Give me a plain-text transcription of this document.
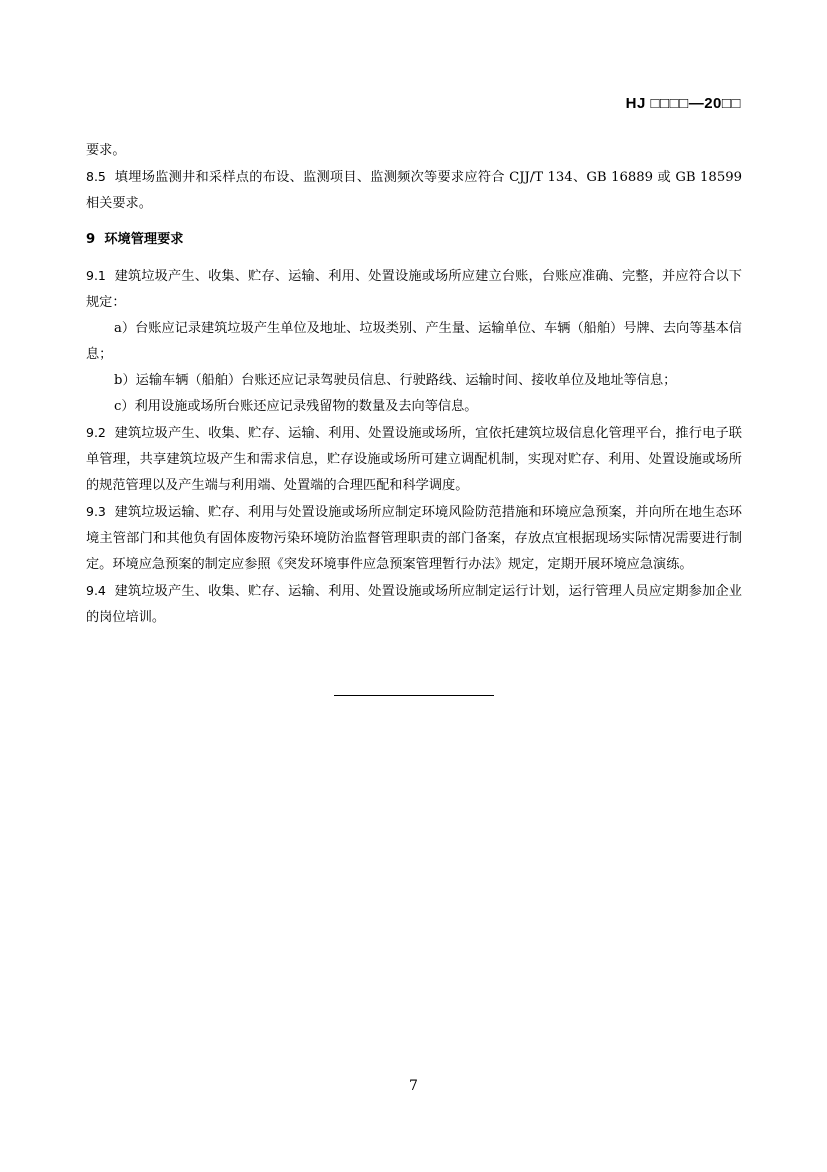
HJ □□□□—20□□

要求。

8.5 填埋场监测井和采样点的布设、监测项目、监测频次等要求应符合 CJJ/T 134、GB 16889 或 GB 18599 相关要求。

9 环境管理要求

9.1 建筑垃圾产生、收集、贮存、运输、利用、处置设施或场所应建立台账，台账应准确、完整，并应符合以下规定：

a）台账应记录建筑垃圾产生单位及地址、垃圾类别、产生量、运输单位、车辆（船舶）号牌、去向等基本信息；

b）运输车辆（船舶）台账还应记录驾驶员信息、行驶路线、运输时间、接收单位及地址等信息；

c）利用设施或场所台账还应记录残留物的数量及去向等信息。

9.2 建筑垃圾产生、收集、贮存、运输、利用、处置设施或场所，宜依托建筑垃圾信息化管理平台，推行电子联单管理，共享建筑垃圾产生和需求信息，贮存设施或场所可建立调配机制，实现对贮存、利用、处置设施或场所的规范管理以及产生端与利用端、处置端的合理匹配和科学调度。

9.3 建筑垃圾运输、贮存、利用与处置设施或场所应制定环境风险防范措施和环境应急预案，并向所在地生态环境主管部门和其他负有固体废物污染环境防治监督管理职责的部门备案，存放点宜根据现场实际情况需要进行制定。环境应急预案的制定应参照《突发环境事件应急预案管理暂行办法》规定，定期开展环境应急演练。

9.4 建筑垃圾产生、收集、贮存、运输、利用、处置设施或场所应制定运行计划，运行管理人员应定期参加企业的岗位培训。

7
